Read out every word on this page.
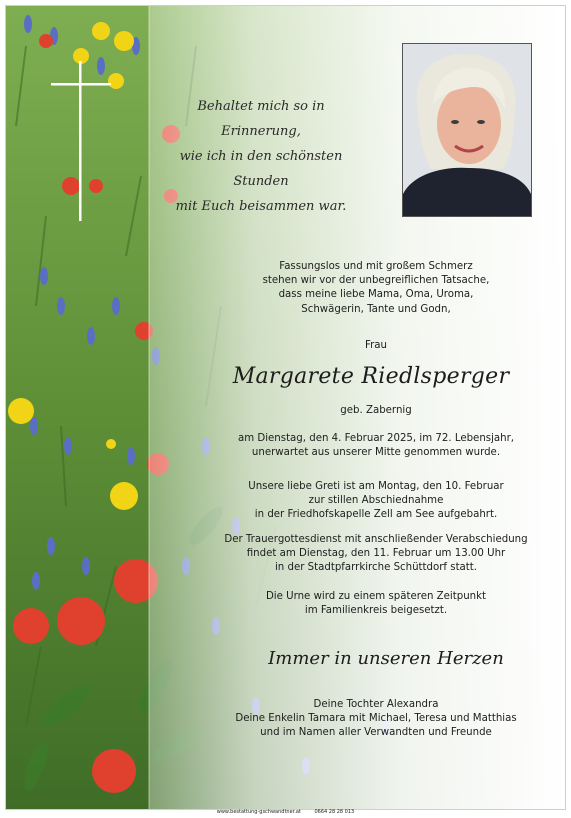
Behaltet mich so in Erinnerung,
wie ich in den schönsten Stunden
mit Euch beisammen war.
Fassungslos und mit großem Schmerz
stehen wir vor der unbegreiflichen Tatsache,
dass meine liebe Mama, Oma, Uroma,
Schwägerin, Tante und Godn,
Frau
Margarete Riedlsperger
geb. Zabernig
am Dienstag, den 4. Februar 2025, im 72. Lebensjahr,
unerwartet aus unserer Mitte genommen wurde.
Unsere liebe Greti ist am Montag, den 10. Februar
zur stillen Abschiednahme
in der Friedhofskapelle Zell am See aufgebahrt.
Der Trauergottesdienst mit anschließender Verabschiedung
findet am Dienstag, den 11. Februar um 13.00 Uhr
in der Stadtpfarrkirche Schüttdorf statt.
Die Urne wird zu einem späteren Zeitpunkt
im Familienkreis beigesetzt.
Immer in unseren Herzen
Deine Tochter Alexandra
Deine Enkelin Tamara mit Michael, Teresa und Matthias
und im Namen aller Verwandten und Freunde
www.bestattung-gschwandtner.at	0664 28 28 013
